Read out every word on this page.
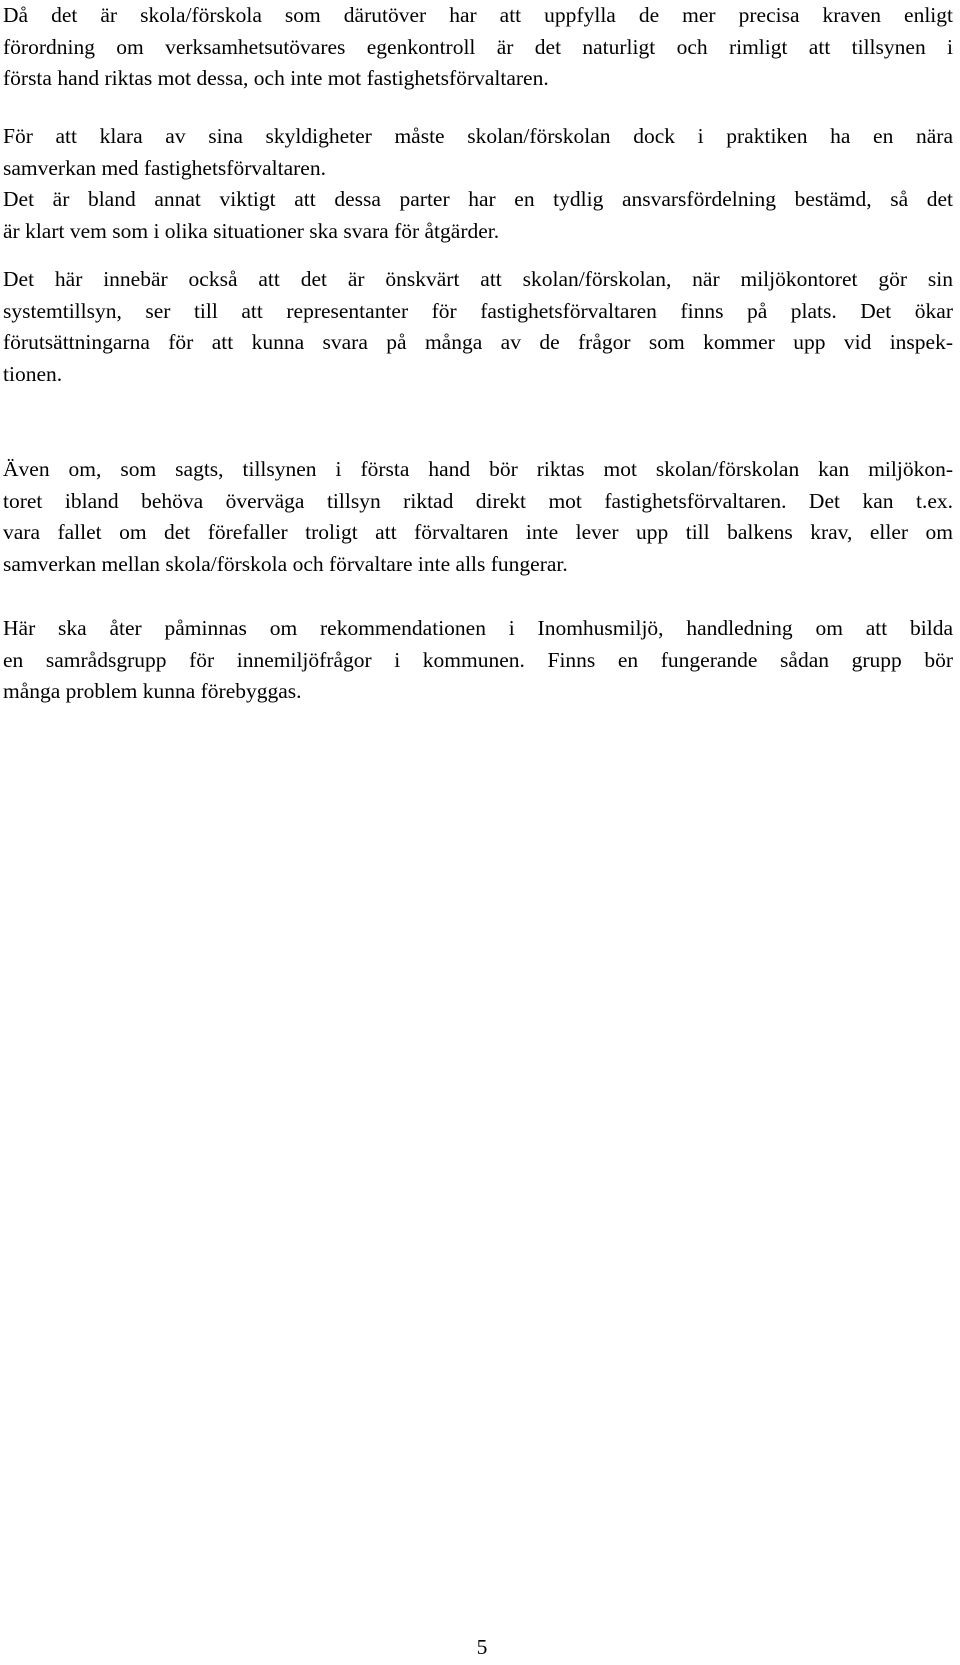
Då det är skola/förskola som därutöver har att uppfylla de mer precisa kraven enligt
förordning om verksamhetsutövares egenkontroll är det naturligt och rimligt att tillsynen i
första hand riktas mot dessa, och inte mot fastighetsförvaltaren.
För att klara av sina skyldigheter måste skolan/förskolan dock i praktiken ha en nära
samverkan med fastighetsförvaltaren.
Det är bland annat viktigt att dessa parter har en tydlig ansvarsfördelning bestämd, så det
är klart vem som i olika situationer ska svara för åtgärder.
Det här innebär också att det är önskvärt att skolan/förskolan, när miljökontoret gör sin
systemtillsyn, ser till att representanter för fastighetsförvaltaren finns på plats. Det ökar
förutsättningarna för att kunna svara på många av de frågor som kommer upp vid inspek-
tionen.
Även om, som sagts, tillsynen i första hand bör riktas mot skolan/förskolan kan miljökon-
toret ibland behöva överväga tillsyn riktad direkt mot fastighetsförvaltaren. Det kan t.ex.
vara fallet om det förefaller troligt att förvaltaren inte lever upp till balkens krav, eller om
samverkan mellan skola/förskola och förvaltare inte alls fungerar.
Här ska åter påminnas om rekommendationen i Inomhusmiljö, handledning om att bilda
en samrådsgrupp för innemiljöfrågor i kommunen. Finns en fungerande sådan grupp bör
många problem kunna förebyggas.
5
